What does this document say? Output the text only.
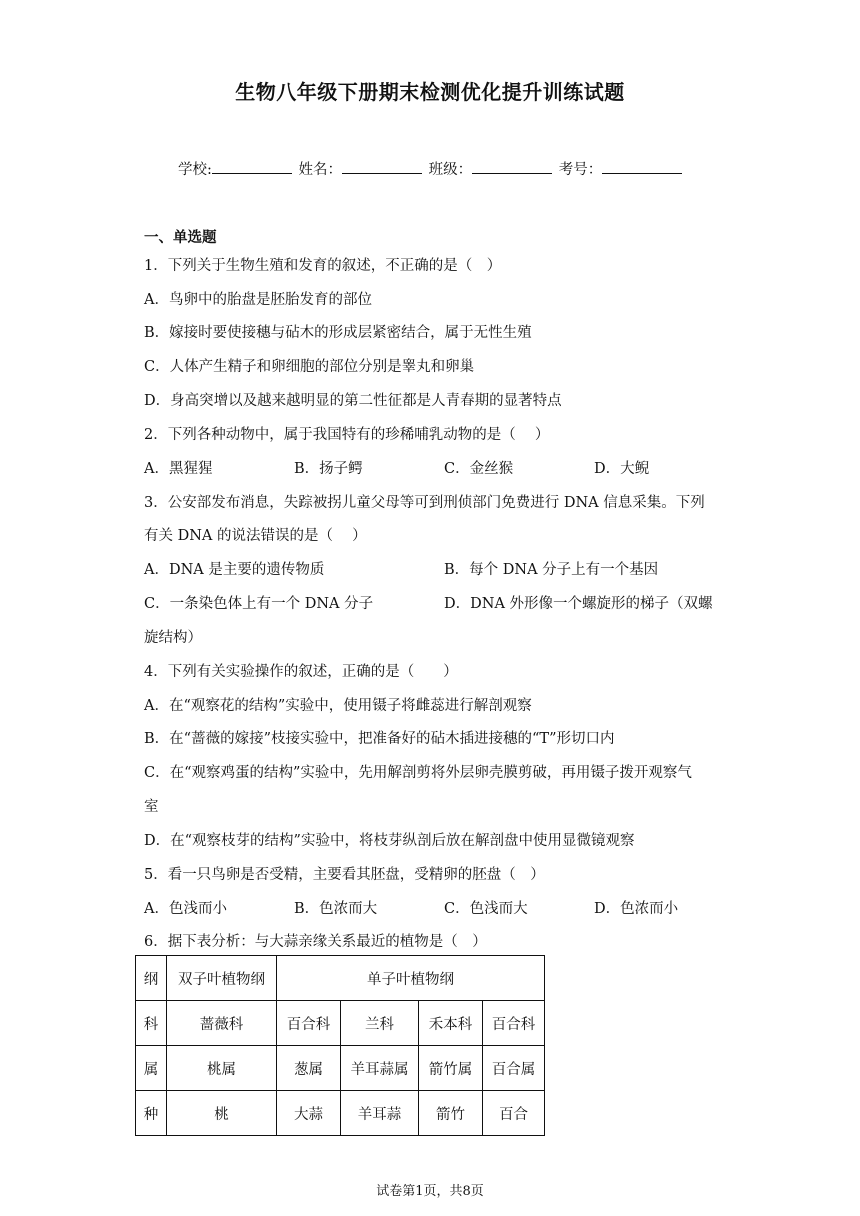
生物八年级下册期末检测优化提升训练试题
学校:	姓名：	班级：	考号：
一、单选题
1．下列关于生物生殖和发育的叙述，不正确的是（　）
A．鸟卵中的胎盘是胚胎发育的部位
B．嫁接时要使接穗与砧木的形成层紧密结合，属于无性生殖
C．人体产生精子和卵细胞的部位分别是睾丸和卵巢
D．身高突增以及越来越明显的第二性征都是人青春期的显著特点
2．下列各种动物中，属于我国特有的珍稀哺乳动物的是（　 ）
A．黑猩猩	B．扬子鳄	C．金丝猴	D．大鲵
3．公安部发布消息，失踪被拐儿童父母等可到刑侦部门免费进行 DNA 信息采集。下列
有关 DNA 的说法错误的是（　 ）
A．DNA 是主要的遗传物质	B．每个 DNA 分子上有一个基因
C．一条染色体上有一个 DNA 分子	D．DNA 外形像一个螺旋形的梯子（双螺
旋结构）
4．下列有关实验操作的叙述，正确的是（　　）
A．在“观察花的结构”实验中，使用镊子将雌蕊进行解剖观察
B．在“蔷薇的嫁接”枝接实验中，把准备好的砧木插进接穗的“T”形切口内
C．在“观察鸡蛋的结构”实验中，先用解剖剪将外层卵壳膜剪破，再用镊子拨开观察气
室
D．在“观察枝芽的结构”实验中，将枝芽纵剖后放在解剖盘中使用显微镜观察
5．看一只鸟卵是否受精，主要看其胚盘，受精卵的胚盘（　）
A．色浅而小	B．色浓而大	C．色浅而大	D．色浓而小
6．据下表分析：与大蒜亲缘关系最近的植物是（　）
纲	双子叶植物纲	单子叶植物纲			
科	蔷薇科	百合科	兰科	禾本科	百合科
属	桃属	葱属	羊耳蒜属	箭竹属	百合属
种	桃	大蒜	羊耳蒜	箭竹	百合
试卷第1页，共8页
